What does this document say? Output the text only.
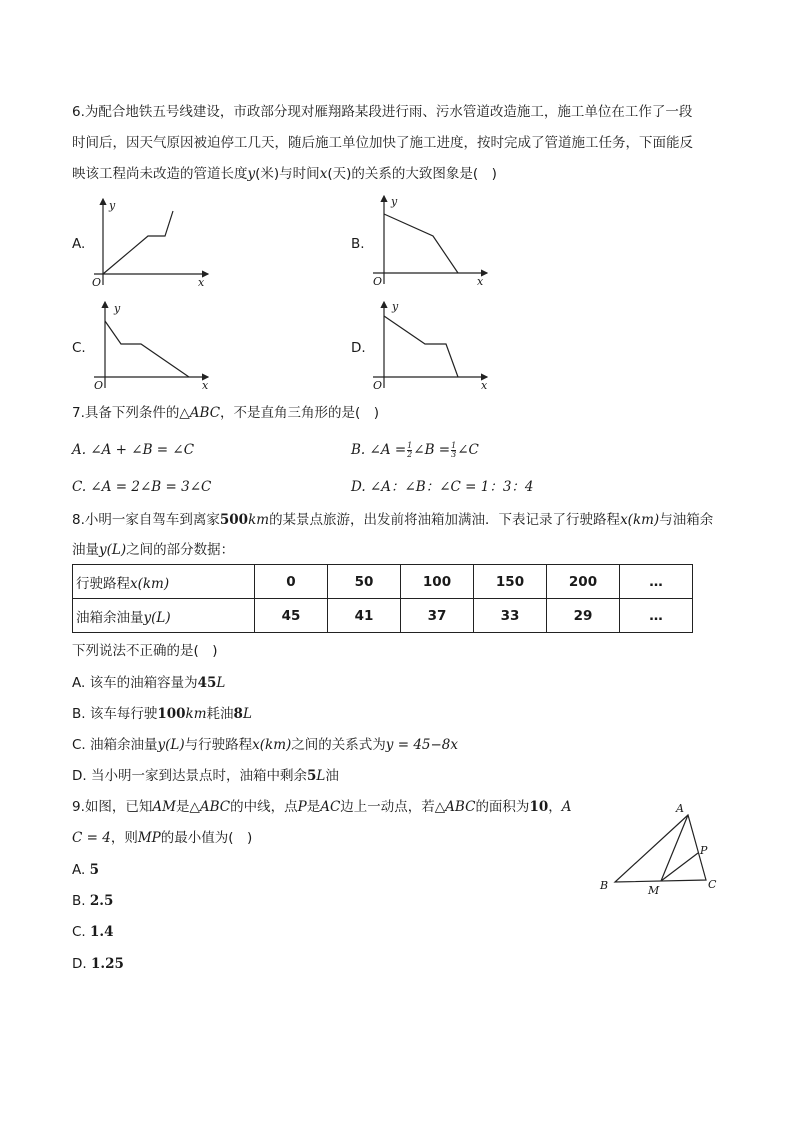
6.为配合地铁五号线建设，市政部分现对雁翔路某段进行雨、污水管道改造施工，施工单位在工作了一段
时间后，因天气原因被迫停工几天，随后施工单位加快了施工进度，按时完成了管道施工任务，下面能反
映该工程尚未改造的管道长度y(米)与时间x(天)的关系的大致图象是(　)
A.	B.
C.	D.
O	x
y
O	x
y
O	x
y
O	x
y
7.具备下列条件的△ABC，不是直角三角形的是(　)
A. ∠A + ∠B = ∠C	B. ∠A = $\frac{1}{2}$ ∠B = $\frac{1}{3}$ ∠C
C. ∠A = 2∠B = 3∠C	D. ∠A：∠B：∠C = 1：3：4
8.小明一家自驾车到离家500km的某景点旅游，出发前将油箱加满油．下表记录了行驶路程x(km)与油箱余
油量y(L)之间的部分数据：
行驶路程x(km)	0	50	100	150	200	…
油箱余油量y(L)	45	41	37	33	29	…
下列说法不正确的是(　)
A. 该车的油箱容量为45L
B. 该车每行驶100km耗油8L
C. 油箱余油量y(L)与行驶路程x(km)之间的关系式为y = 45−8x
D. 当小明一家到达景点时，油箱中剩余5L油
9.如图，已知AM是△ABC的中线，点P是AC边上一动点，若△ABC的面积为10，A
C = 4，则MP的最小值为(　)
A. 5
B. 2.5
C. 1.4
D. 1.25
A
B	C
M
P
